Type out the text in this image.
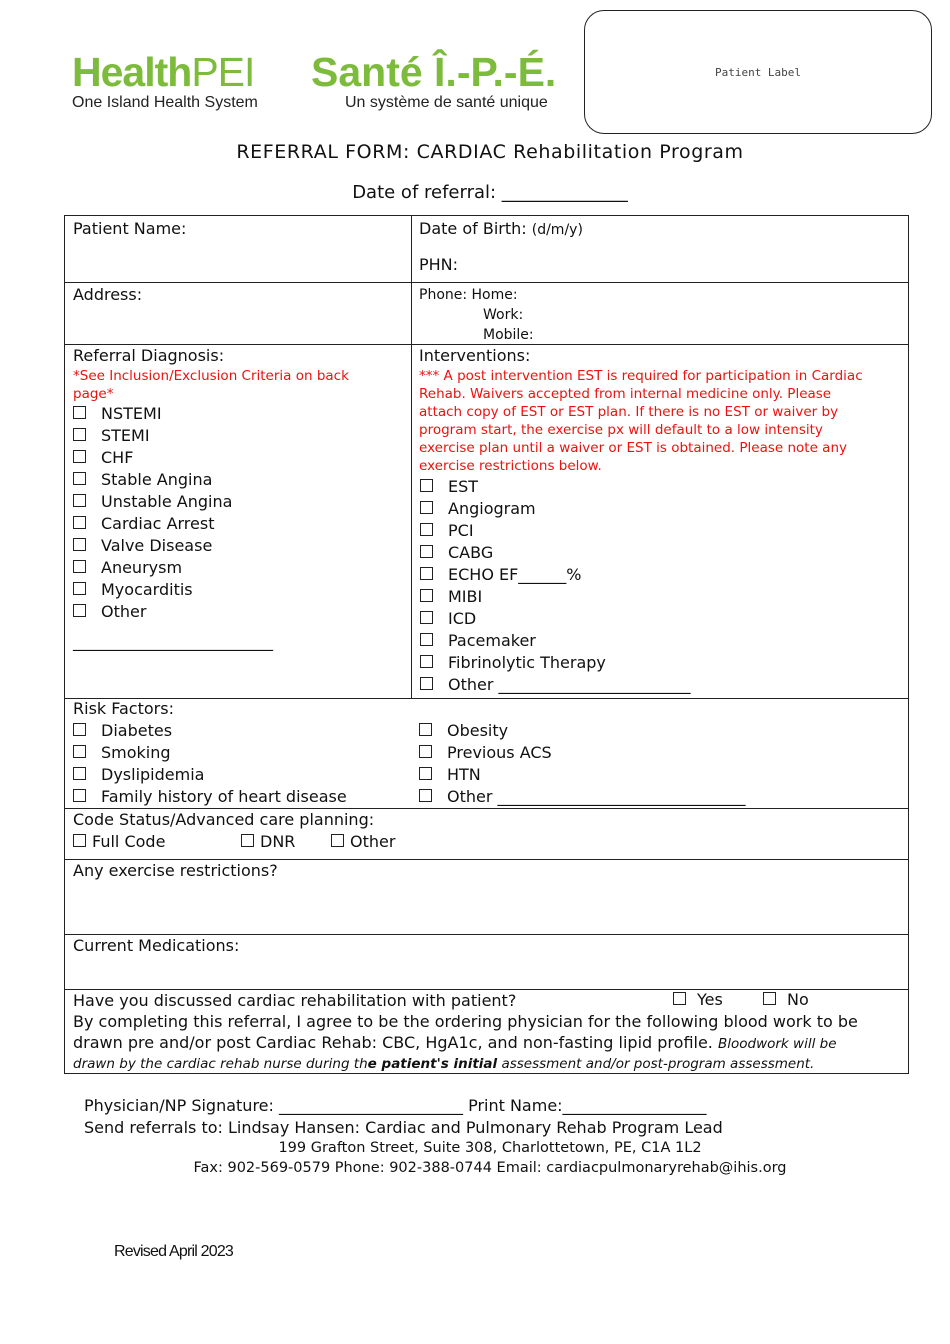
HealthPEI
One Island Health System
Santé Î.-P.-É.
Un système de santé unique
Patient Label
REFERRAL FORM: CARDIAC Rehabilitation Program
Date of referral: ______________
Patient Name:	Date of Birth: (d/m/y)
PHN:
Address:	Phone: Home:
Work:
Mobile:
Referral Diagnosis:
*See Inclusion/Exclusion Criteria on back
page*
NSTEMI
STEMI
CHF
Stable Angina
Unstable Angina
Cardiac Arrest
Valve Disease
Aneurysm
Myocarditis
Other
_________________________
Interventions:
*** A post intervention EST is required for participation in Cardiac
Rehab. Waivers accepted from internal medicine only. Please
attach copy of EST or EST plan. If there is no EST or waiver by
program start, the exercise px will default to a low intensity
exercise plan until a waiver or EST is obtained. Please note any
exercise restrictions below.
EST
Angiogram
PCI
CABG
ECHO EF______%
MIBI
ICD
Pacemaker
Fibrinolytic Therapy
Other ________________________
Risk Factors:
Diabetes
Smoking
Dyslipidemia
Family history of heart disease
Obesity
Previous ACS
HTN
Other _______________________________
Code Status/Advanced care planning:
Full Code	DNR	Other
Any exercise restrictions?
Current Medications:
Have you discussed cardiac rehabilitation with patient?	Yes	No
By completing this referral, I agree to be the ordering physician for the following blood work to be
drawn pre and/or post Cardiac Rehab: CBC, HgA1c, and non-fasting lipid profile. Bloodwork will be
drawn by the cardiac rehab nurse during the patient's initial assessment and/or post-program assessment.
Physician/NP Signature: _______________________ Print Name:__________________
Send referrals to: Lindsay Hansen: Cardiac and Pulmonary Rehab Program Lead
199 Grafton Street, Suite 308, Charlottetown, PE, C1A 1L2
Fax: 902-569-0579 Phone: 902-388-0744 Email: cardiacpulmonaryrehab@ihis.org
Revised April 2023
